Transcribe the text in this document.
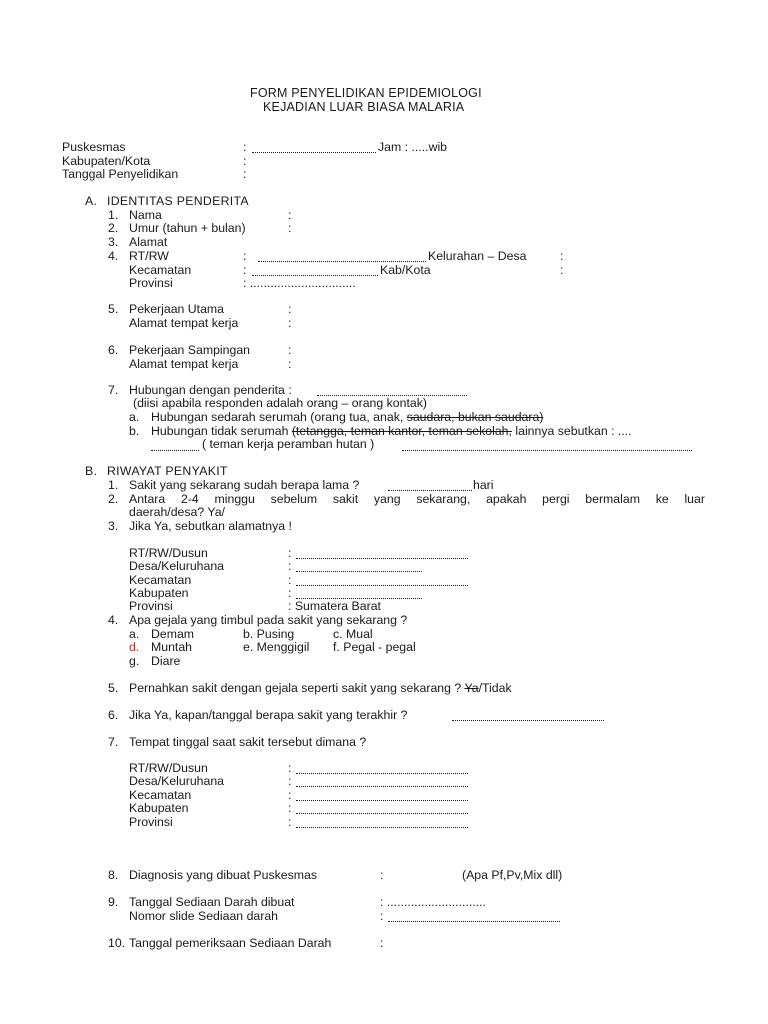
FORM PENYELIDIKAN EPIDEMIOLOGI
KEJADIAN LUAR BIASA MALARIA
Puskesmas	:	Jam : .....wib
Kabupaten/Kota	:
Tanggal Penyelidikan	:
A. IDENTITAS PENDERITA
1. Nama	:
2. Umur (tahun + bulan)	:
3. Alamat
4. RT/RW	:	Kelurahan – Desa	:
Kecamatan	:	Kab/Kota	:
Provinsi	: ...............................
5. Pekerjaan Utama	:
Alamat tempat kerja	:
6. Pekerjaan Sampingan	:
Alamat tempat kerja	:
7. Hubungan dengan penderita :
(diisi apabila responden adalah orang – orang kontak)
a. Hubungan sedarah serumah (orang tua, anak, saudara, bukan saudara)
b. Hubungan tidak serumah (tetangga, teman kantor, teman sekolah, lainnya sebutkan : ....
( teman kerja peramban hutan )
B. RIWAYAT PENYAKIT
1. Sakit yang sekarang sudah berapa lama ?	hari
2. Antara 2-4 minggu sebelum sakit yang sekarang, apakah pergi bermalam ke luar
daerah/desa? Ya/
3. Jika Ya, sebutkan alamatnya !
RT/RW/Dusun	:
Desa/Keluruhana	:
Kecamatan	:
Kabupaten	:
Provinsi	: Sumatera Barat
4. Apa gejala yang timbul pada sakit yang sekarang ?
a. Demam	b. Pusing	c. Mual
d. Muntah	e. Menggigil f. Pegal - pegal
g. Diare
5. Pernahkan sakit dengan gejala seperti sakit yang sekarang ? Ya/Tidak
6. Jika Ya, kapan/tanggal berapa sakit yang terakhir ?
7. Tempat tinggal saat sakit tersebut dimana ?
RT/RW/Dusun	:
Desa/Keluruhana	:
Kecamatan	:
Kabupaten	:
Provinsi	:
8. Diagnosis yang dibuat Puskesmas	:	(Apa Pf,Pv,Mix dll)
9. Tanggal Sediaan Darah dibuat	: .............................
Nomor slide Sediaan darah	:
10. Tanggal pemeriksaan Sediaan Darah	:
